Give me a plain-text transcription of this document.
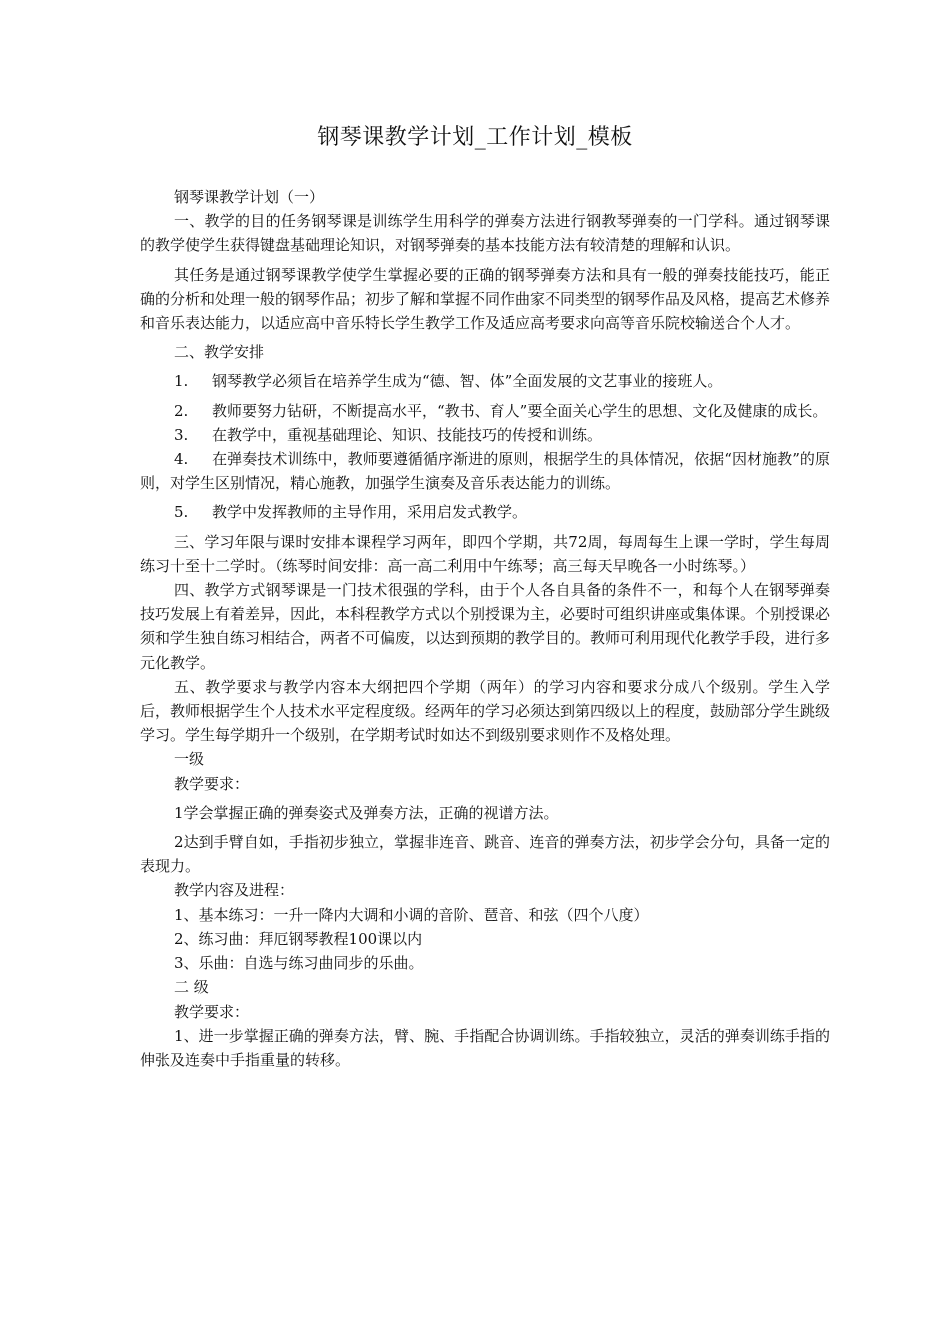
钢琴课教学计划_工作计划_模板

钢琴课教学计划（一）

一、教学的目的任务钢琴课是训练学生用科学的弹奏方法进行钢教琴弹奏的一门学科。通过钢琴课的教学使学生获得键盘基础理论知识，对钢琴弹奏的基本技能方法有较清楚的理解和认识。

其任务是通过钢琴课教学使学生掌握必要的正确的钢琴弹奏方法和具有一般的弹奏技能技巧，能正确的分析和处理一般的钢琴作品；初步了解和掌握不同作曲家不同类型的钢琴作品及风格，提高艺术修养和音乐表达能力，以适应高中音乐特长学生教学工作及适应高考要求向高等音乐院校输送合个人才。

二、教学安排

1. 钢琴教学必须旨在培养学生成为“德、智、体”全面发展的文艺事业的接班人。

2. 教师要努力钻研，不断提高水平，“教书、育人”要全面关心学生的思想、文化及健康的成长。

3. 在教学中，重视基础理论、知识、技能技巧的传授和训练。

4. 在弹奏技术训练中，教师要遵循循序渐进的原则，根据学生的具体情况，依据“因材施教”的原则，对学生区别情况，精心施教，加强学生演奏及音乐表达能力的训练。

5. 教学中发挥教师的主导作用，采用启发式教学。

三、学习年限与课时安排本课程学习两年，即四个学期，共72周，每周每生上课一学时，学生每周练习十至十二学时。（练琴时间安排：高一高二利用中午练琴；高三每天早晚各一小时练琴。）

四、教学方式钢琴课是一门技术很强的学科，由于个人各自具备的条件不一，和每个人在钢琴弹奏技巧发展上有着差异，因此，本科程教学方式以个别授课为主，必要时可组织讲座或集体课。个别授课必须和学生独自练习相结合，两者不可偏废，以达到预期的教学目的。教师可利用现代化教学手段，进行多元化教学。

五、教学要求与教学内容本大纲把四个学期（两年）的学习内容和要求分成八个级别。学生入学后，教师根据学生个人技术水平定程度级。经两年的学习必须达到第四级以上的程度，鼓励部分学生跳级学习。学生每学期升一个级别，在学期考试时如达不到级别要求则作不及格处理。

一级

教学要求：

1学会掌握正确的弹奏姿式及弹奏方法，正确的视谱方法。

2达到手臂自如，手指初步独立，掌握非连音、跳音、连音的弹奏方法，初步学会分句，具备一定的表现力。

教学内容及进程：

1、基本练习：一升一降内大调和小调的音阶、琶音、和弦（四个八度）

2、练习曲：拜厄钢琴教程100课以内

3、乐曲：自选与练习曲同步的乐曲。

二 级

教学要求：

1、进一步掌握正确的弹奏方法，臂、腕、手指配合协调训练。手指较独立，灵活的弹奏训练手指的伸张及连奏中手指重量的转移。
